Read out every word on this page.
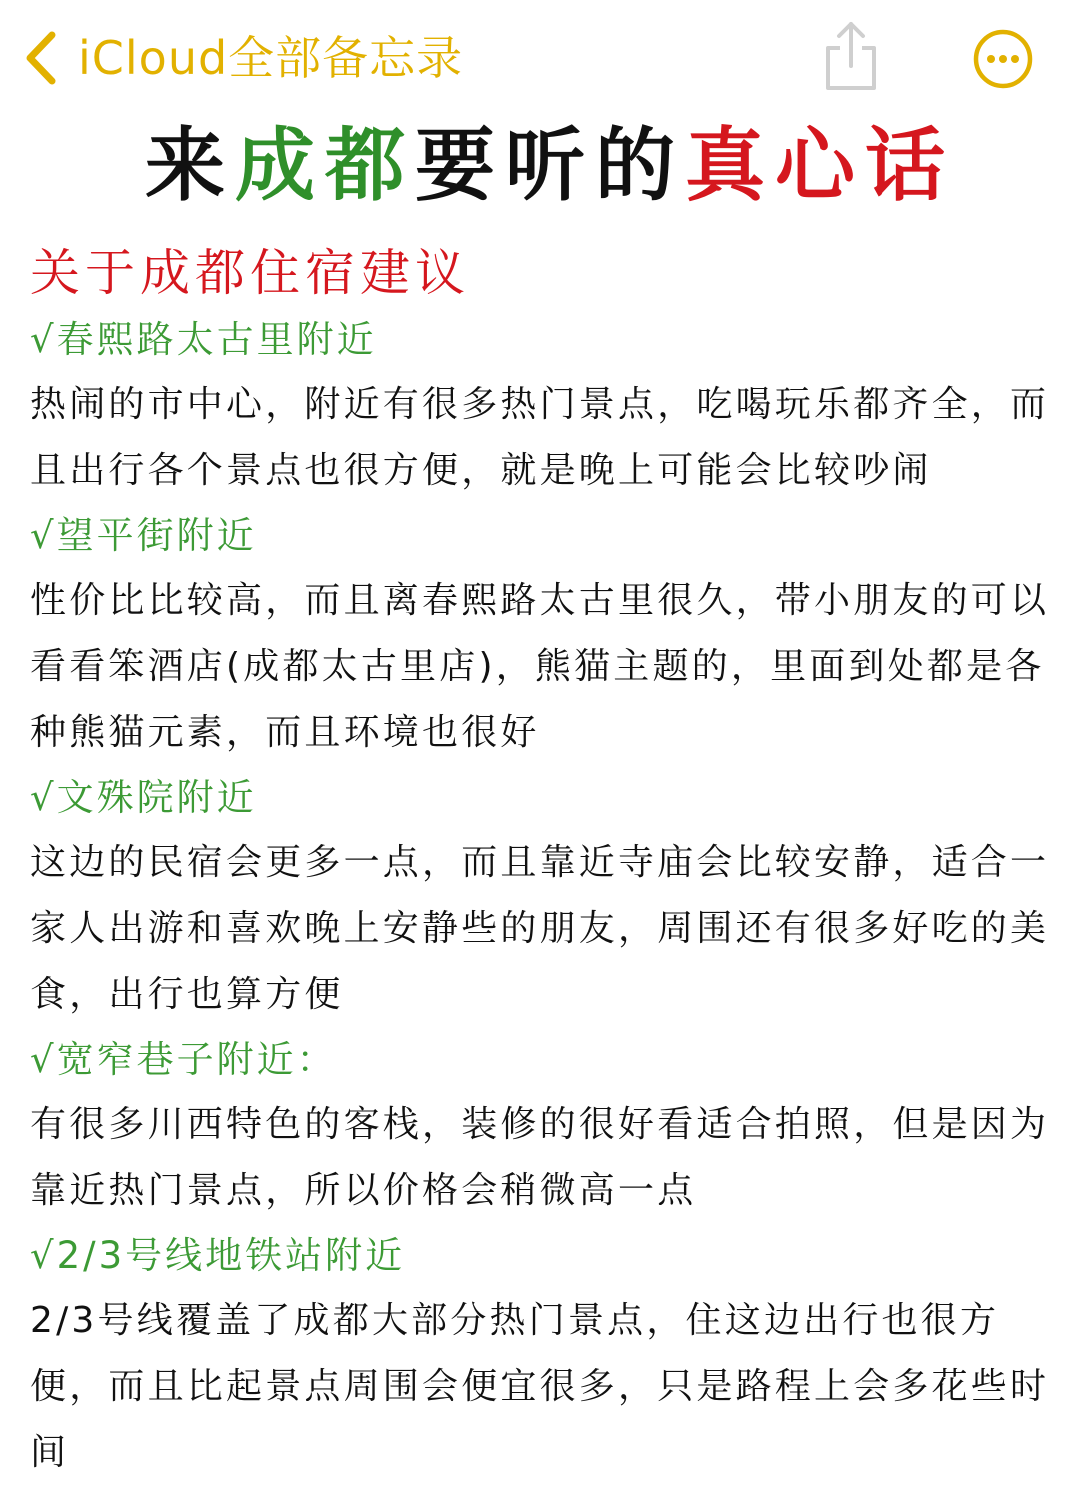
iCloud全部备忘录
来成都要听的真心话
关于成都住宿建议
√春熙路太古里附近
热闹的市中心，附近有很多热门景点，吃喝玩乐都齐全，而且出行各个景点也很方便，就是晚上可能会比较吵闹
√望平街附近
性价比比较高，而且离春熙路太古里很久，带小朋友的可以看看笨酒店(成都太古里店)，熊猫主题的，里面到处都是各种熊猫元素，而且环境也很好
√文殊院附近
这边的民宿会更多一点，而且靠近寺庙会比较安静，适合一家人出游和喜欢晚上安静些的朋友，周围还有很多好吃的美食，出行也算方便
√宽窄巷子附近：
有很多川西特色的客栈，装修的很好看适合拍照，但是因为靠近热门景点，所以价格会稍微高一点
√2/3号线地铁站附近
2/3号线覆盖了成都大部分热门景点，住这边出行也很方便，而且比起景点周围会便宜很多，只是路程上会多花些时间
